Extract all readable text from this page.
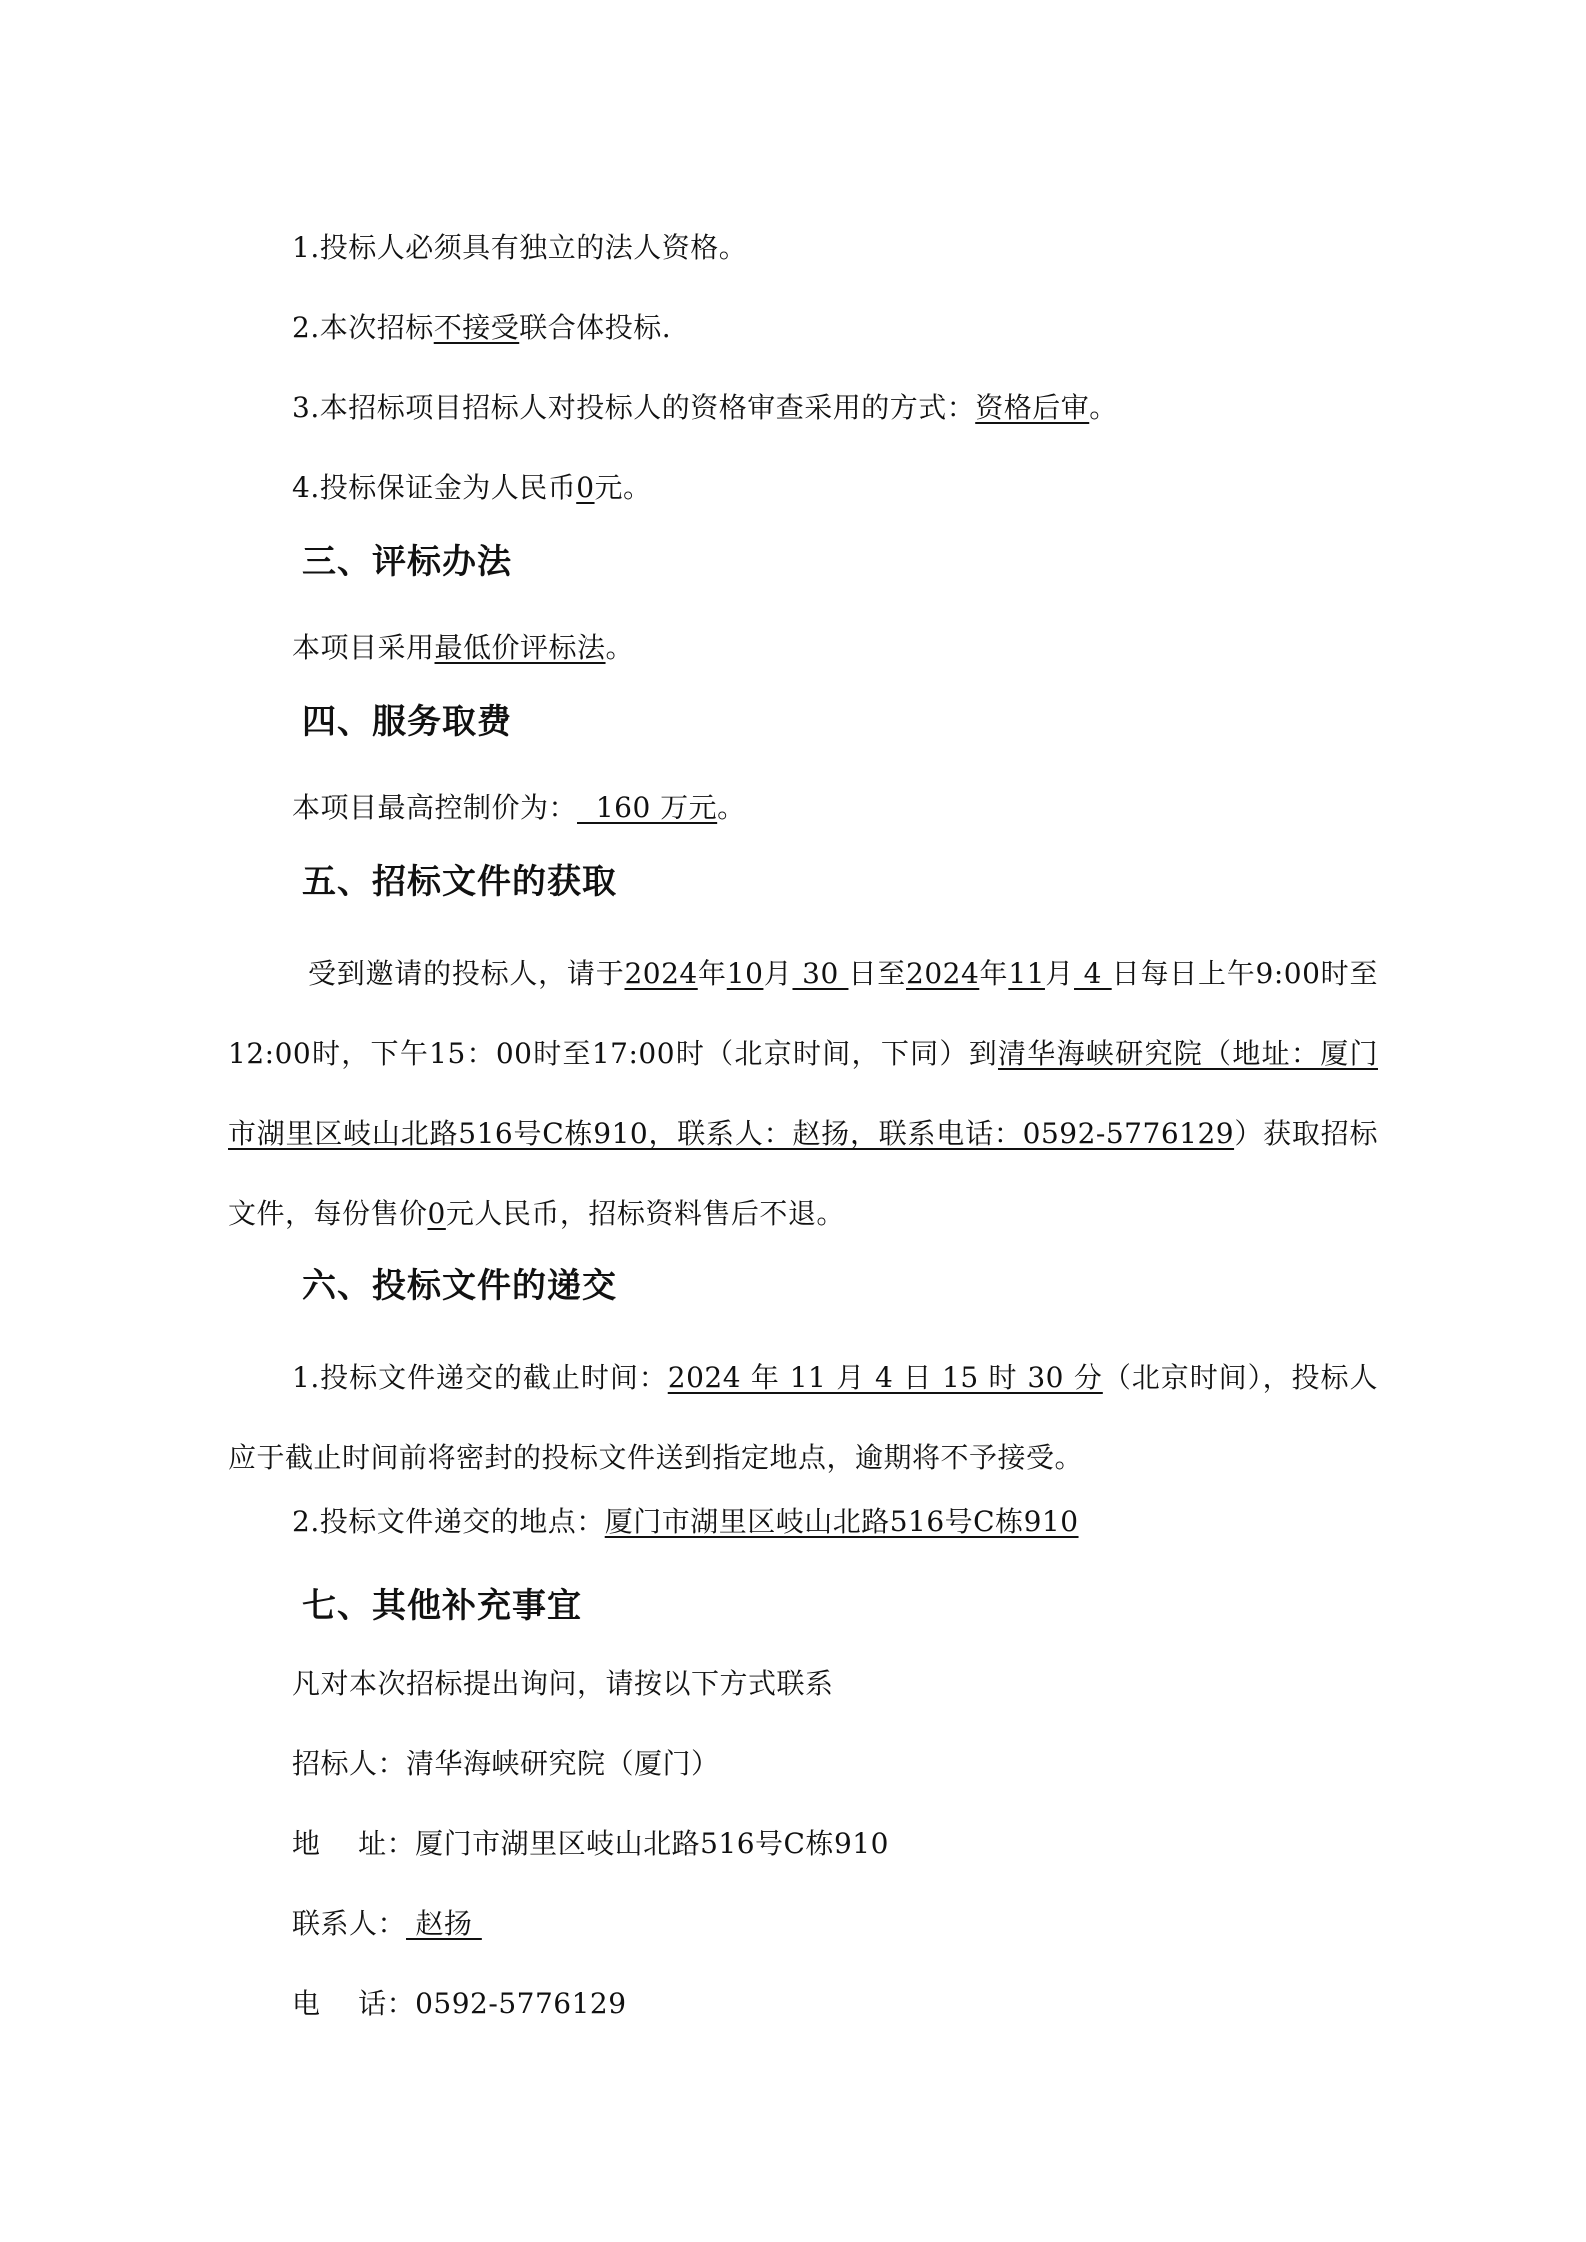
1.投标人必须具有独立的法人资格。
2.本次招标不接受联合体投标.
3.本招标项目招标人对投标人的资格审查采用的方式：资格后审。
4.投标保证金为人民币0元。
三、评标办法
本项目采用最低价评标法。
四、服务取费
本项目最高控制价为：  160 万元。
五、招标文件的获取
受到邀请的投标人，请于2024年10月 30 日至2024年11月 4 日每日上午9:00时至12:00时，下午15：00时至17:00时（北京时间，下同）到清华海峡研究院（地址：厦门市湖里区岐山北路516号C栋910，联系人：赵扬，联系电话：0592-5776129）获取招标文件，每份售价0元人民币，招标资料售后不退。
六、投标文件的递交
1.投标文件递交的截止时间：2024 年 11 月 4 日 15 时 30 分（北京时间），投标人应于截止时间前将密封的投标文件送到指定地点，逾期将不予接受。
2.投标文件递交的地点：厦门市湖里区岐山北路516号C栋910
七、其他补充事宜
凡对本次招标提出询问，请按以下方式联系
招标人：清华海峡研究院（厦门）
地    址：厦门市湖里区岐山北路516号C栋910
联系人： 赵扬
电    话：0592-5776129
